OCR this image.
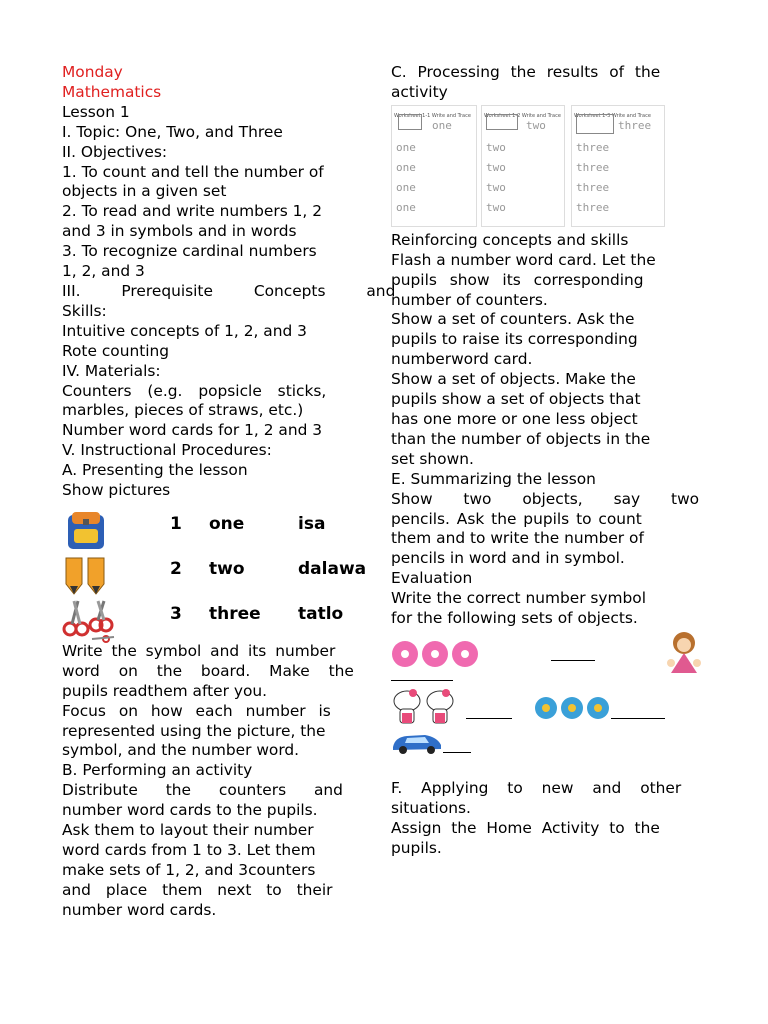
Monday
Mathematics
Lesson 1
I. Topic: One, Two, and Three
II. Objectives:
1. To count and tell the number of
objects in a given set
2. To read and write numbers 1, 2
and 3 in symbols and in words
3. To recognize cardinal numbers
1, 2, and 3
III. Prerequisite Concepts and
Skills:
Intuitive concepts of 1, 2, and 3
Rote counting
IV. Materials:
Counters (e.g. popsicle sticks,
marbles, pieces of straws, etc.)
Number word cards for 1, 2 and 3
V. Instructional Procedures:
A. Presenting the lesson
Show pictures
1 one	isa
2 two	dalawa
3 three tatlo
Write the symbol and its number
word on the board. Make the
pupils readthem after you.
Focus on how each number is
represented using the picture, the
symbol, and the number word.
B. Performing an activity
Distribute the counters and
number word cards to the pupils.
Ask them to layout their number
word cards from 1 to 3. Let them
make sets of 1, 2, and 3counters
and place them next to their
number word cards.
C. Processing the results of the
activity
Worksheet 1-1 Write and Trace
one
one
one
one
one
Worksheet 1-2 Write and Trace
two
two
two
two
two
Worksheet 1-3 Write and Trace
three
three
three
three
three
Reinforcing concepts and skills
Flash a number word card. Let the
pupils show its corresponding
number of counters.
Show a set of counters. Ask the
pupils to raise its corresponding
numberword card.
Show a set of objects. Make the
pupils show a set of objects that
has one more or one less object
than the number of objects in the
set shown.
E. Summarizing the lesson
Show two objects, say two
pencils. Ask the pupils to count
them and to write the number of
pencils in word and in symbol.
Evaluation
Write the correct number symbol
for the following sets of objects.
F. Applying to new and other
situations.
Assign the Home Activity to the
pupils.
